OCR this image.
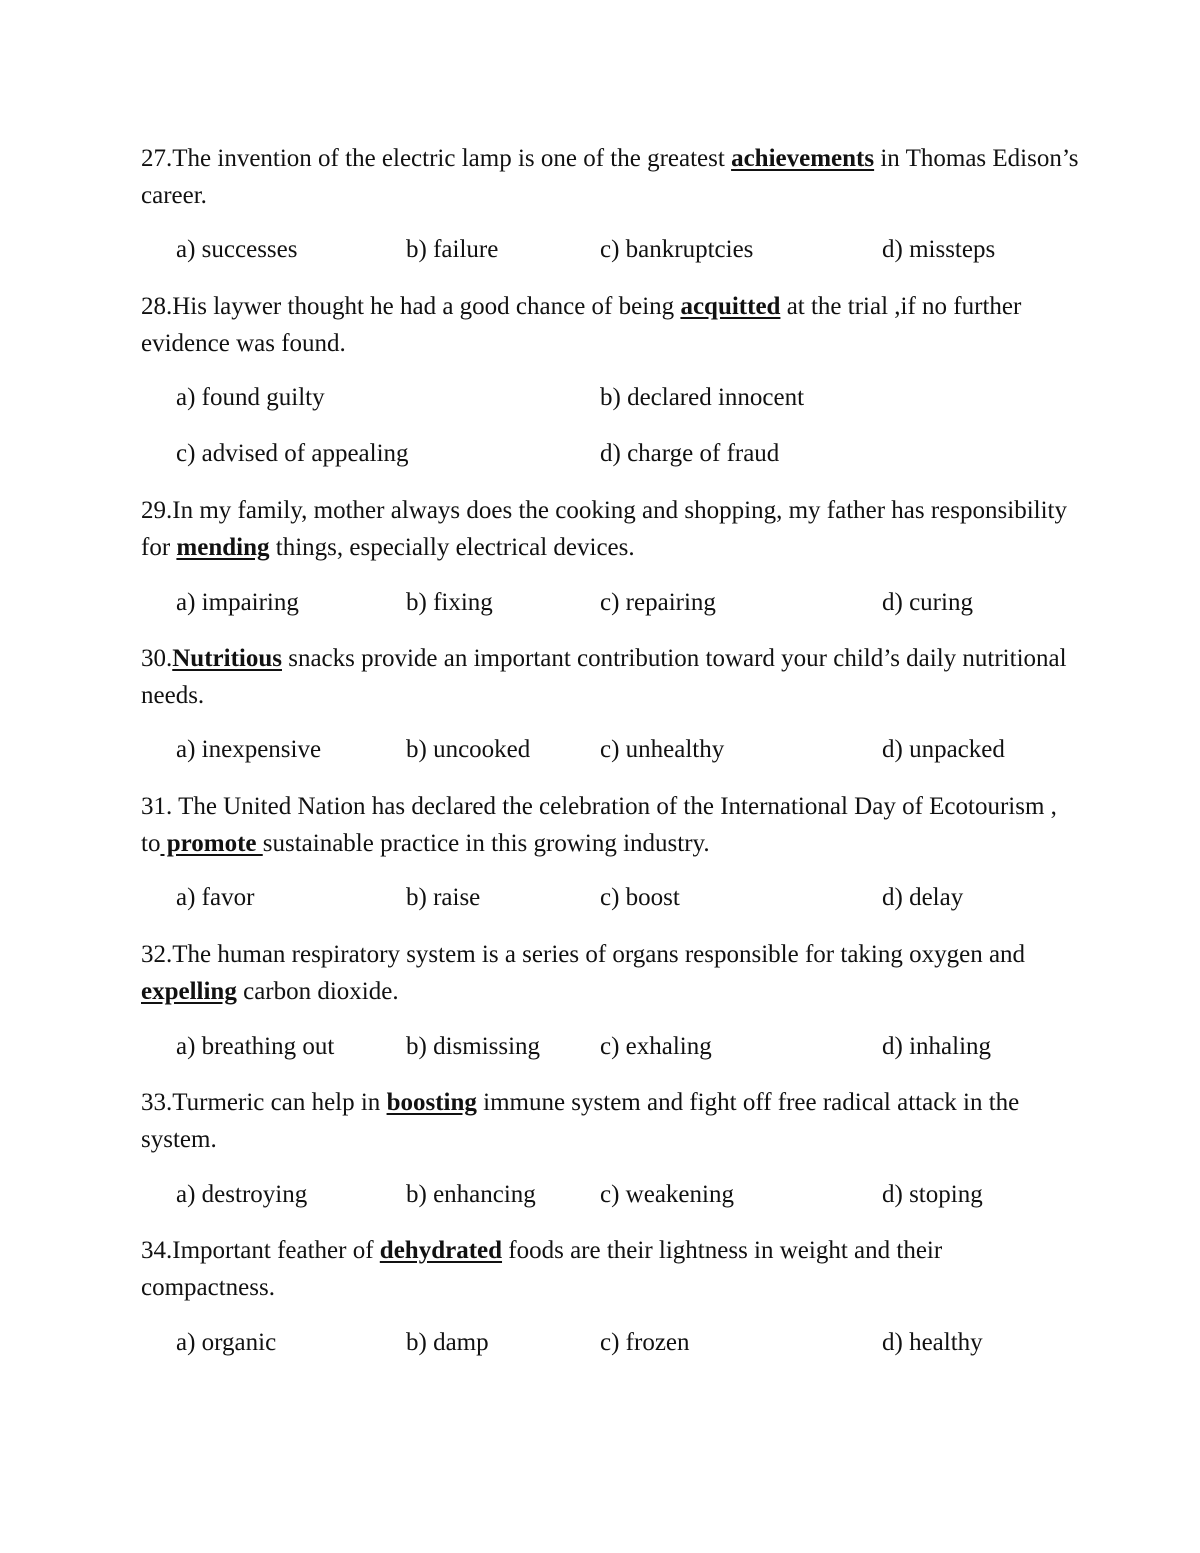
27.The invention of the electric lamp is one of the greatest achievements in Thomas Edison’s career.
a) successes	b) failure	c) bankruptcies	d) missteps
28.His laywer thought he had a good chance of being acquitted at the trial ,if no further evidence was found.
a) found guilty	b) declared innocent
c) advised of appealing	d) charge of fraud
29.In my family, mother always does the cooking and shopping, my father has responsibility for mending things, especially electrical devices.
a) impairing	b) fixing	c) repairing	d) curing
30.Nutritious snacks provide an important contribution toward your child’s daily nutritional needs.
a) inexpensive	b) uncooked	c) unhealthy	d) unpacked
31. The United Nation has declared the celebration of the International Day of Ecotourism , to promote sustainable practice in this growing industry.
a) favor	b) raise	c) boost	d) delay
32.The human respiratory system is a series of organs responsible for taking oxygen and expelling carbon dioxide.
a) breathing out	b) dismissing c) exhaling	d) inhaling
33.Turmeric can help in boosting immune system and fight off free radical attack in the system.
a) destroying	b) enhancing	c) weakening	d) stoping
34.Important feather of dehydrated foods are their lightness in weight and their compactness.
a) organic	b) damp	c) frozen	d) healthy
